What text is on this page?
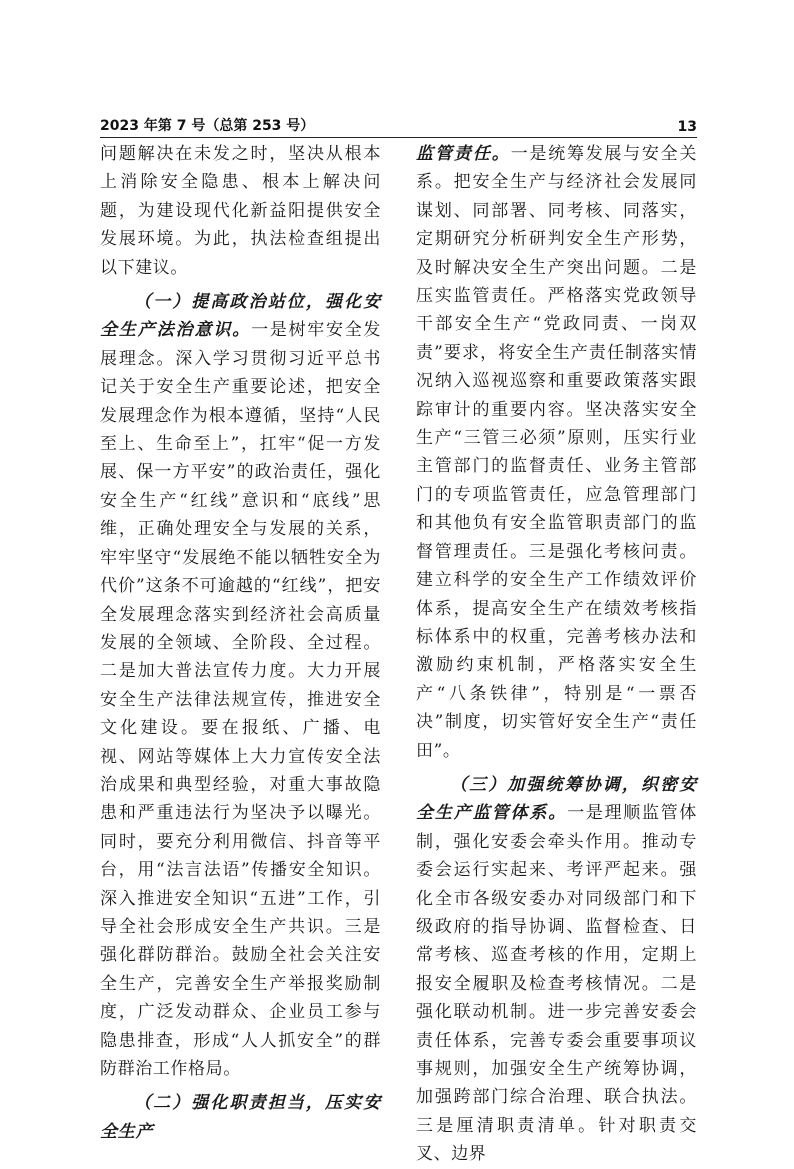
2023 年第 7 号（总第 253 号）	13

问题解决在未发之时，坚决从根本上消除安全隐患、根本上解决问题，为建设现代化新益阳提供安全发展环境。为此，执法检查组提出以下建议。

（一）提高政治站位，强化安全生产法治意识。一是树牢安全发展理念。深入学习贯彻习近平总书记关于安全生产重要论述，把安全发展理念作为根本遵循，坚持“人民至上、生命至上”，扛牢“促一方发展、保一方平安”的政治责任，强化安全生产“红线”意识和“底线”思维，正确处理安全与发展的关系，牢牢坚守“发展绝不能以牺牲安全为代价”这条不可逾越的“红线”，把安全发展理念落实到经济社会高质量发展的全领域、全阶段、全过程。二是加大普法宣传力度。大力开展安全生产法律法规宣传，推进安全文化建设。要在报纸、广播、电视、网站等媒体上大力宣传安全法治成果和典型经验，对重大事故隐患和严重违法行为坚决予以曝光。同时，要充分利用微信、抖音等平台，用“法言法语”传播安全知识。深入推进安全知识“五进”工作，引导全社会形成安全生产共识。三是强化群防群治。鼓励全社会关注安全生产，完善安全生产举报奖励制度，广泛发动群众、企业员工参与隐患排查，形成“人人抓安全”的群防群治工作格局。

（二）强化职责担当，压实安全生产

监管责任。一是统筹发展与安全关系。把安全生产与经济社会发展同谋划、同部署、同考核、同落实，定期研究分析研判安全生产形势，及时解决安全生产突出问题。二是压实监管责任。严格落实党政领导干部安全生产“党政同责、一岗双责”要求，将安全生产责任制落实情况纳入巡视巡察和重要政策落实跟踪审计的重要内容。坚决落实安全生产“三管三必须”原则，压实行业主管部门的监督责任、业务主管部门的专项监管责任，应急管理部门和其他负有安全监管职责部门的监督管理责任。三是强化考核问责。建立科学的安全生产工作绩效评价体系，提高安全生产在绩效考核指标体系中的权重，完善考核办法和激励约束机制，严格落实安全生产“八条铁律”，特别是“一票否决”制度，切实管好安全生产“责任田”。

（三）加强统筹协调，织密安全生产监管体系。一是理顺监管体制，强化安委会牵头作用。推动专委会运行实起来、考评严起来。强化全市各级安委办对同级部门和下级政府的指导协调、监督检查、日常考核、巡查考核的作用，定期上报安全履职及检查考核情况。二是强化联动机制。进一步完善安委会责任体系，完善专委会重要事项议事规则，加强安全生产统筹协调，加强跨部门综合治理、联合执法。三是厘清职责清单。针对职责交叉、边界
